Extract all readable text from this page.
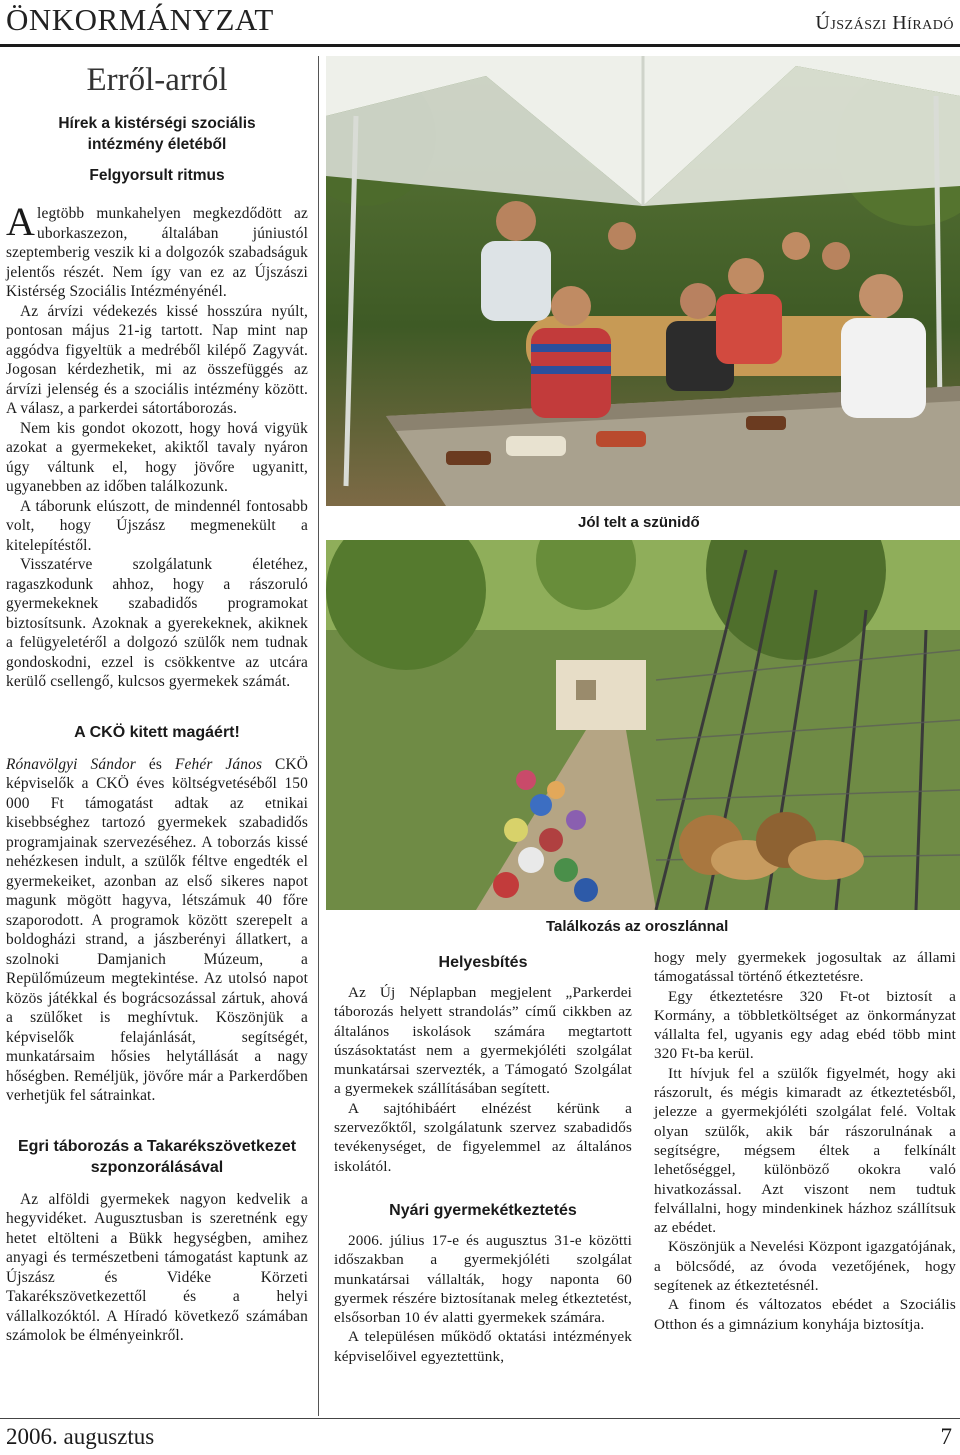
ÖNKORMÁNYZAT	Újszászi Híradó
Erről-arról
Hírek a kistérségi szociális intézmény életéből
Felgyorsult ritmus

A legtöbb munkahelyen megkezdődött az uborkaszezon, általában júniustól szeptemberig veszik ki a dolgozók szabadságuk jelentős részét. Nem így van ez az Újszászi Kistérség Szociális Intézményénél.

Az árvízi védekezés kissé hosszúra nyúlt, pontosan május 21-ig tartott. Nap mint nap aggódva figyeltük a medréből kilépő Zagyvát. Jogosan kérdezhetik, mi az összefüggés az árvízi jelenség és a szociális intézmény között. A válasz, a parkerdei sátortáborozás.

Nem kis gondot okozott, hogy hová vigyük azokat a gyermekeket, akiktől tavaly nyáron úgy váltunk el, hogy jövőre ugyanitt, ugyanebben az időben találkozunk.

A táborunk elúszott, de mindennél fontosabb volt, hogy Újszász megmenekült a kitelepítéstől.

Visszatérve szolgálatunk életéhez, ragaszkodunk ahhoz, hogy a rászoruló gyermekeknek szabadidős programokat biztosítsunk. Azoknak a gyerekeknek, akiknek a felügyeletéről a dolgozó szülők nem tudnak gondoskodni, ezzel is csökkentve az utcára kerülő csellengő, kulcsos gyermekek számát.

A CKÖ kitett magáért!

Rónavölgyi Sándor és Fehér János CKÖ képviselők a CKÖ éves költségvetéséből 150 000 Ft támogatást adtak az etnikai kisebbséghez tartozó gyermekek szabadidős programjainak szervezéséhez. A toborzás kissé nehézkesen indult, a szülők féltve engedték el gyermekeiket, azonban az első sikeres napot magunk mögött hagyva, létszámuk 40 főre szaporodott. A programok között szerepelt a boldogházi strand, a jászberényi állatkert, a szolnoki Damjanich Múzeum, a Repülőmúzeum megtekintése. Az utolsó napot közös játékkal és bográcsozással zártuk, ahová a szülőket is meghívtuk. Köszönjük a képviselők felajánlását, segítségét, munkatársaim hősies helytállását a nagy hőségben. Reméljük, jövőre már a Parkerdőben verhetjük fel sátrainkat.

Egri táborozás a Takarékszövetkezet szponzorálásával

Az alföldi gyermekek nagyon kedvelik a hegyvidéket. Augusztusban is szeretnénk egy hetet eltölteni a Bükk hegységben, amihez anyagi és természetbeni támogatást kaptunk az Újszász és Vidéke Körzeti Takarékszövetkezettől és a helyi vállalkozóktól. A Híradó következő számában számolok be élményeinkről.

Jól telt a szünidő
Találkozás az oroszlánnal
Helyesbítés

Az Új Néplapban megjelent „Parkerdei táborozás helyett strandolás” című cikkben az általános iskolások számára megtartott úszásoktatást nem a gyermekjóléti szolgálat munkatársai szervezték, a Támogató Szolgálat a gyermekek szállításában segített.

A sajtóhibáért elnézést kérünk a szervezőktől, szolgálatunk szervez szabadidős tevékenységet, de figyelemmel az általános iskolától.

Nyári gyermekétkeztetés

2006. július 17-e és augusztus 31-e közötti időszakban a gyermekjóléti szolgálat munkatársai vállalták, hogy naponta 60 gyermek részére biztosítanak meleg étkeztetést, elsősorban 10 év alatti gyermekek számára.

A településen működő oktatási intézmények képviselőivel egyeztettünk,

hogy mely gyermekek jogosultak az állami támogatással történő étkeztetésre.

Egy étkeztetésre 320 Ft-ot biztosít a Kormány, a többletköltséget az önkormányzat vállalta fel, ugyanis egy adag ebéd több mint 320 Ft-ba kerül.

Itt hívjuk fel a szülők figyelmét, hogy aki rászorult, és mégis kimaradt az étkeztetésből, jelezze a gyermekjóléti szolgálat felé. Voltak olyan szülők, akik bár rászorulnának a segítségre, mégsem éltek a felkínált lehetőséggel, különböző okokra való hivatkozással. Azt viszont nem tudtuk felvállalni, hogy mindenkinek házhoz szállítsuk az ebédet.

Köszönjük a Nevelési Központ igazgatójának, a bölcsődé, az óvoda vezetőjének, hogy segítenek az étkeztetésnél.

A finom és változatos ebédet a Szociális Otthon és a gimnázium konyhája biztosítja.

2006. augusztus	7
